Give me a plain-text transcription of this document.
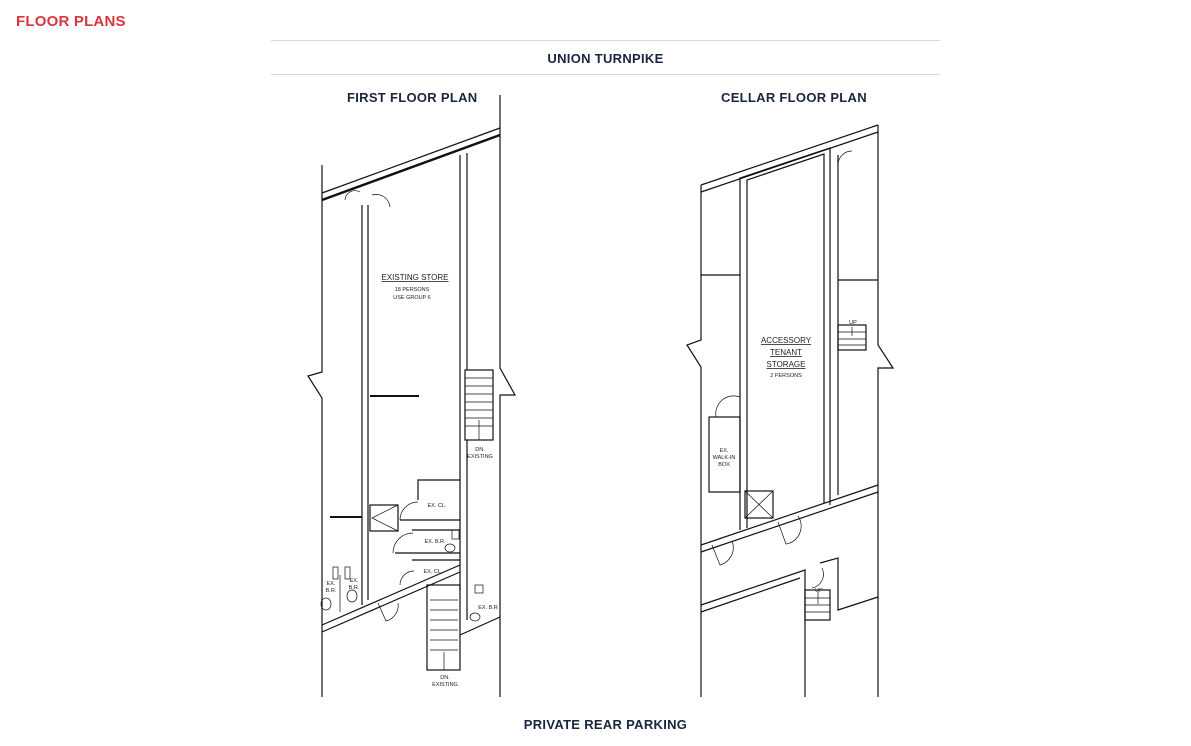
FLOOR PLANS
UNION TURNPIKE
FIRST FLOOR PLAN	CELLAR FLOOR PLAN
PRIVATE REAR PARKING
EXISTING STORE
18 PERSONS
USE GROUP 6
DN.
EXISTING
EX. CL.
EX. B.R.
EX. CL.
EX.
B.R.
EX.
B.R.
EX. B.R
DN.
EXISTING
ACCESSORY
TENANT
STORAGE
2 PERSONS
UP
UP
EX.
WALK-IN
BOX
